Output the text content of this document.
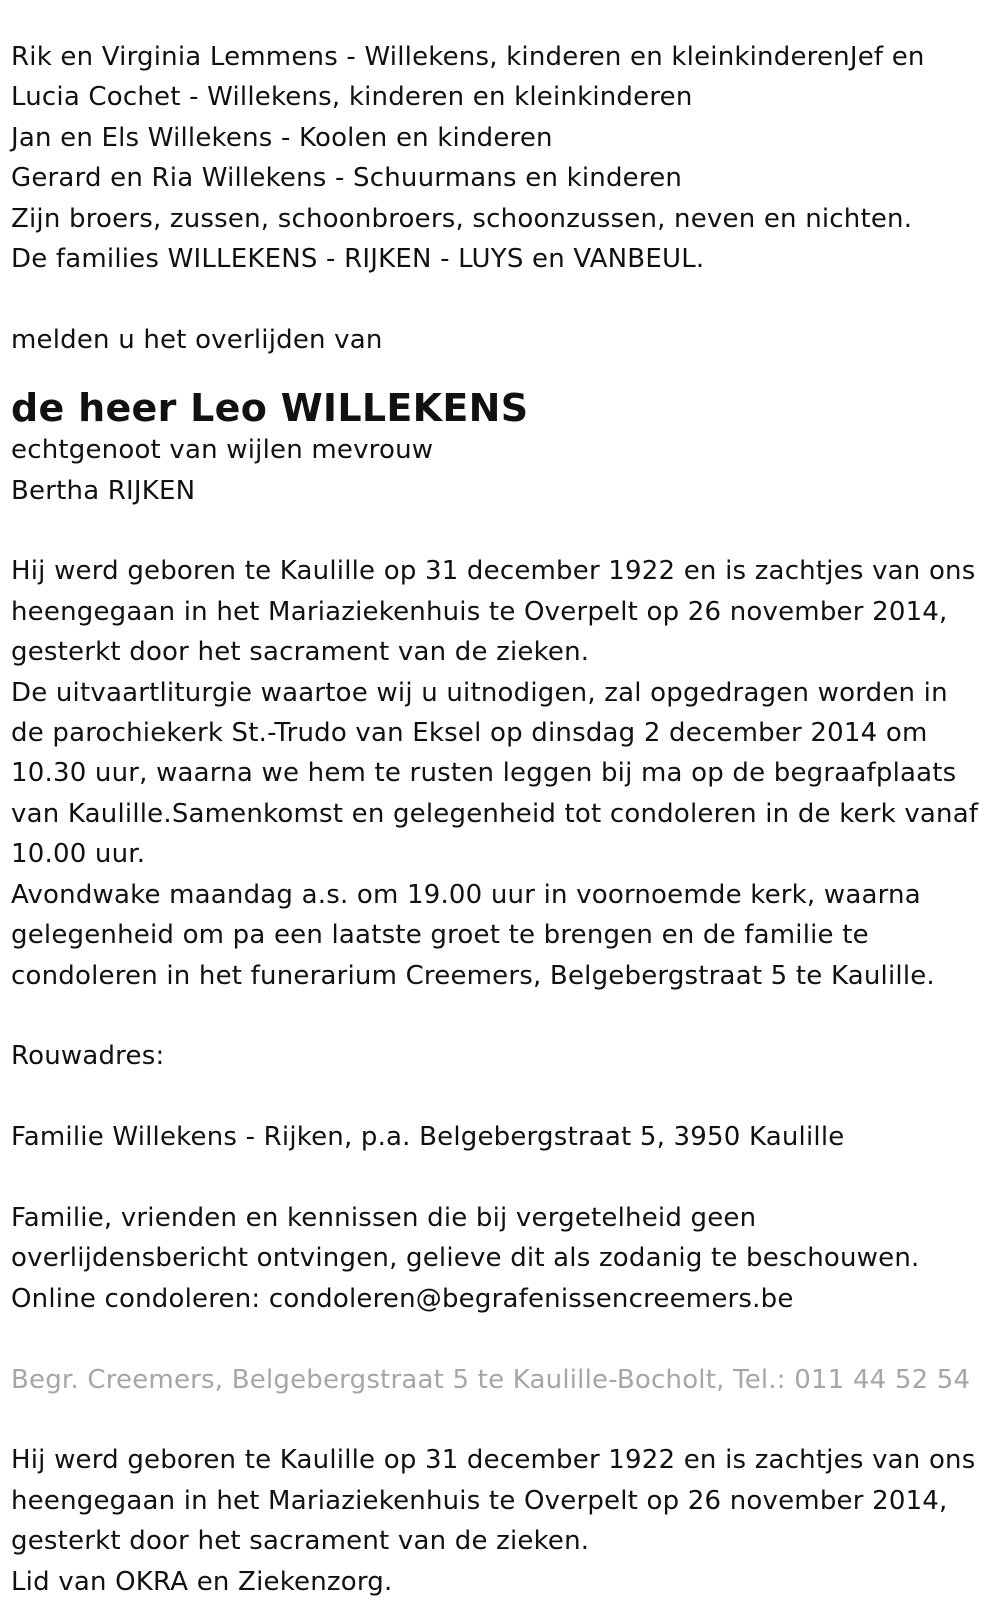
Rik en Virginia Lemmens - Willekens, kinderen en kleinkinderenJef en
Lucia Cochet - Willekens, kinderen en kleinkinderen
Jan en Els Willekens - Koolen en kinderen
Gerard en Ria Willekens - Schuurmans en kinderen
Zijn broers, zussen, schoonbroers, schoonzussen, neven en nichten.
De families WILLEKENS - RIJKEN - LUYS en VANBEUL.
melden u het overlijden van
de heer Leo WILLEKENS
echtgenoot van wijlen mevrouw
Bertha RIJKEN
Hij werd geboren te Kaulille op 31 december 1922 en is zachtjes van ons
heengegaan in het Mariaziekenhuis te Overpelt op 26 november 2014,
gesterkt door het sacrament van de zieken.
De uitvaartliturgie waartoe wij u uitnodigen, zal opgedragen worden in
de parochiekerk St.-Trudo van Eksel op dinsdag 2 december 2014 om
10.30 uur, waarna we hem te rusten leggen bij ma op de begraafplaats
van Kaulille.Samenkomst en gelegenheid tot condoleren in de kerk vanaf
10.00 uur.
Avondwake maandag a.s. om 19.00 uur in voornoemde kerk, waarna
gelegenheid om pa een laatste groet te brengen en de familie te
condoleren in het funerarium Creemers, Belgebergstraat 5 te Kaulille.
Rouwadres:
Familie Willekens - Rijken, p.a. Belgebergstraat 5, 3950 Kaulille
Familie, vrienden en kennissen die bij vergetelheid geen
overlijdensbericht ontvingen, gelieve dit als zodanig te beschouwen.
Online condoleren: condoleren@begrafenissencreemers.be
Begr. Creemers, Belgebergstraat 5 te Kaulille-Bocholt, Tel.: 011 44 52 54
Hij werd geboren te Kaulille op 31 december 1922 en is zachtjes van ons
heengegaan in het Mariaziekenhuis te Overpelt op 26 november 2014,
gesterkt door het sacrament van de zieken.
Lid van OKRA en Ziekenzorg.
